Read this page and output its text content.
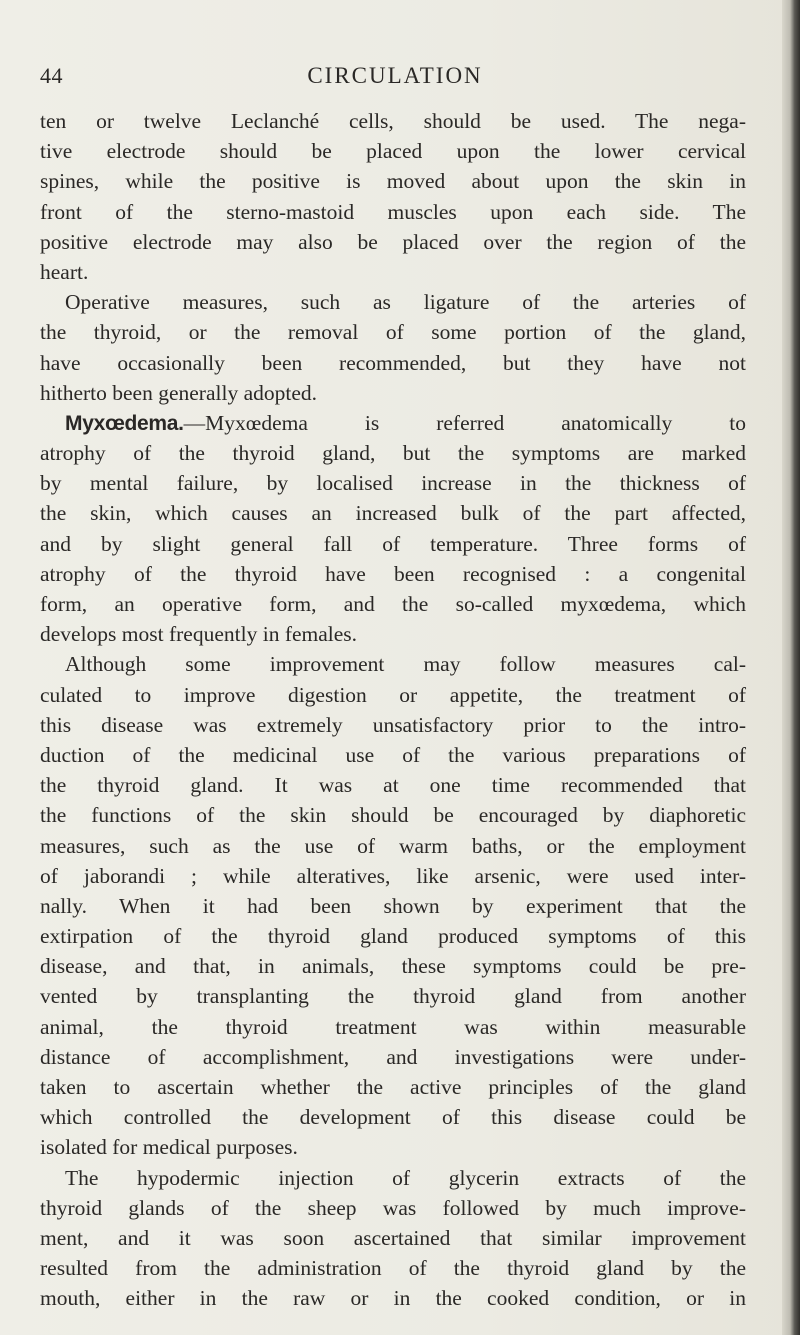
44	CIRCULATION
ten or twelve Leclanché cells, should be used. The nega-
tive electrode should be placed upon the lower cervical
spines, while the positive is moved about upon the skin in
front of the sterno-mastoid muscles upon each side. The
positive electrode may also be placed over the region of the
heart.
Operative measures, such as ligature of the arteries of
the thyroid, or the removal of some portion of the gland,
have occasionally been recommended, but they have not
hitherto been generally adopted.
Myxœdema.—Myxœdema is referred anatomically to
atrophy of the thyroid gland, but the symptoms are marked
by mental failure, by localised increase in the thickness of
the skin, which causes an increased bulk of the part affected,
and by slight general fall of temperature. Three forms of
atrophy of the thyroid have been recognised : a congenital
form, an operative form, and the so-called myxœdema, which
develops most frequently in females.
Although some improvement may follow measures cal-
culated to improve digestion or appetite, the treatment of
this disease was extremely unsatisfactory prior to the intro-
duction of the medicinal use of the various preparations of
the thyroid gland. It was at one time recommended that
the functions of the skin should be encouraged by diaphoretic
measures, such as the use of warm baths, or the employment
of jaborandi ; while alteratives, like arsenic, were used inter-
nally. When it had been shown by experiment that the
extirpation of the thyroid gland produced symptoms of this
disease, and that, in animals, these symptoms could be pre-
vented by transplanting the thyroid gland from another
animal, the thyroid treatment was within measurable
distance of accomplishment, and investigations were under-
taken to ascertain whether the active principles of the gland
which controlled the development of this disease could be
isolated for medical purposes.
The hypodermic injection of glycerin extracts of the
thyroid glands of the sheep was followed by much improve-
ment, and it was soon ascertained that similar improvement
resulted from the administration of the thyroid gland by the
mouth, either in the raw or in the cooked condition, or in
